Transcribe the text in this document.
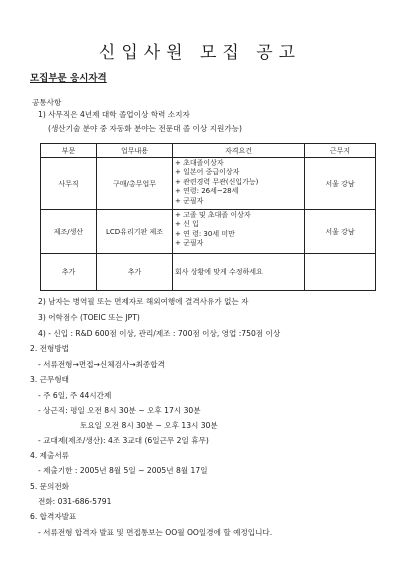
신입사원 모집 공고
모집부문 응시자격
공통사항
1) 사무직은 4년제 대학 졸업이상 학력 소지자
(생산기술 분야 중 자동화 분야는 전문대 졸 이상 지원가능)
부문	업무내용	자격요건	근무지
사무직	구매/총무업무	+ 초대졸이상자
+ 일본어 중급이상자
+ 관련경력 무관(신입가능)
+ 연령: 26세~28세
+ 군필자	서울 강남
제조/생산	LCD유리기판 제조	+ 고졸 및 초대졸 이상자
+ 신 입
+ 연 령: 30세 미만
+ 군필자	서울 강남
추가	추가	회사 상황에 맞게 수정하세요	
2) 남자는 병역필 또는 면제자로 해외여행에 결격사유가 없는 자
3) 어학점수 (TOEIC 또는 JPT)
4) - 신입 : R&D 600점 이상, 관리/제조 : 700점 이상, 영업 :750점 이상
2. 전형방법
- 서류전형→면접→신체검사→최종합격
3. 근무형태
- 주 6일, 주 44시간제
- 상근직: 평일 오전 8시 30분 ~ 오후 17시 30분
토요일 오전 8시 30분 ~ 오후 13시 30분
- 교대제(제조/생산): 4조 3교대 (6일근무 2일 휴무)
4. 제출서류
- 제출기한 : 2005년 8월 5일 ~ 2005년 8월 17일
5. 문의전화
전화: 031-686-5791
6. 합격자발표
- 서류전형 합격자 발표 및 면접통보는 OO월 OO일경에 할 예정입니다.
